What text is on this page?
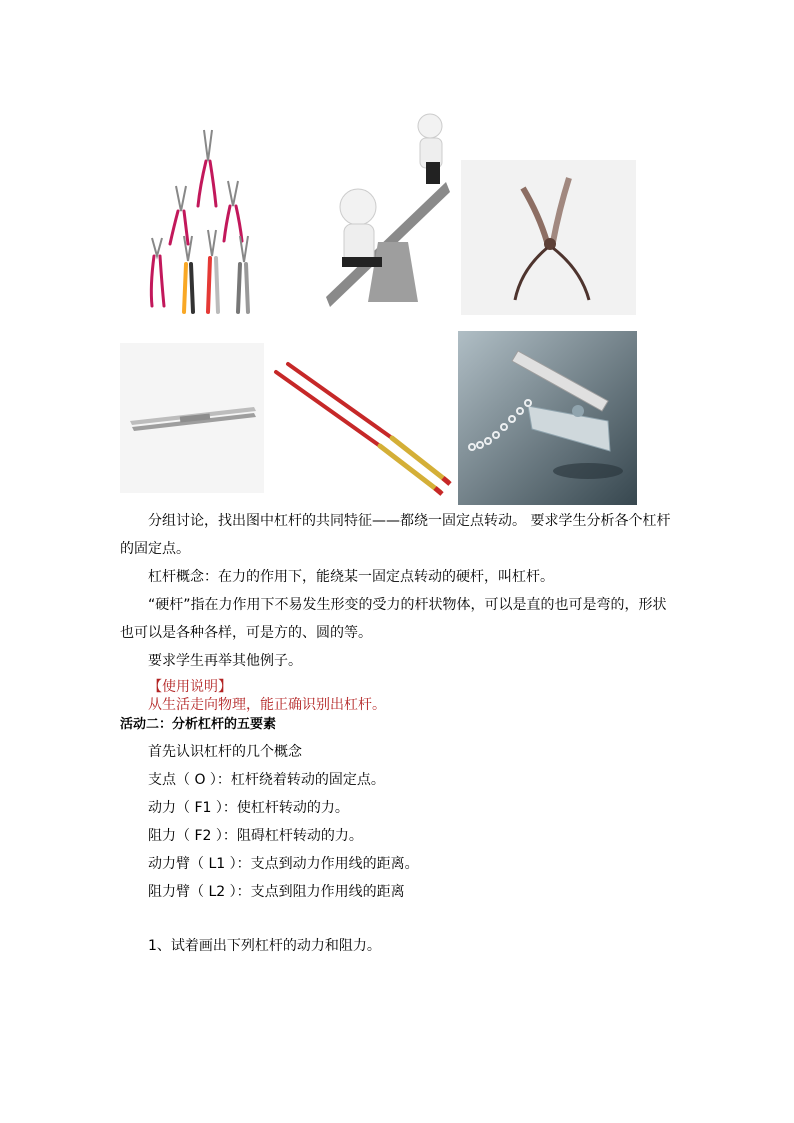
分组讨论，找出图中杠杆的共同特征——都绕一固定点转动。 要求学生分析各个杠杆
的固定点。
杠杆概念：在力的作用下，能绕某一固定点转动的硬杆，叫杠杆。
“硬杆”指在力作用下不易发生形变的受力的杆状物体，可以是直的也可是弯的，形状
也可以是各种各样，可是方的、圆的等。
要求学生再举其他例子。
【使用说明】
从生活走向物理，能正确识别出杠杆。
活动二：分析杠杆的五要素
首先认识杠杆的几个概念
支点（ O ）：杠杆绕着转动的固定点。
动力（ F1 ）：使杠杆转动的力。
阻力（ F2 ）：阻碍杠杆转动的力。
动力臂（ L1 ）：支点到动力作用线的距离。
阻力臂（ L2 ）：支点到阻力作用线的距离
1、试着画出下列杠杆的动力和阻力。
